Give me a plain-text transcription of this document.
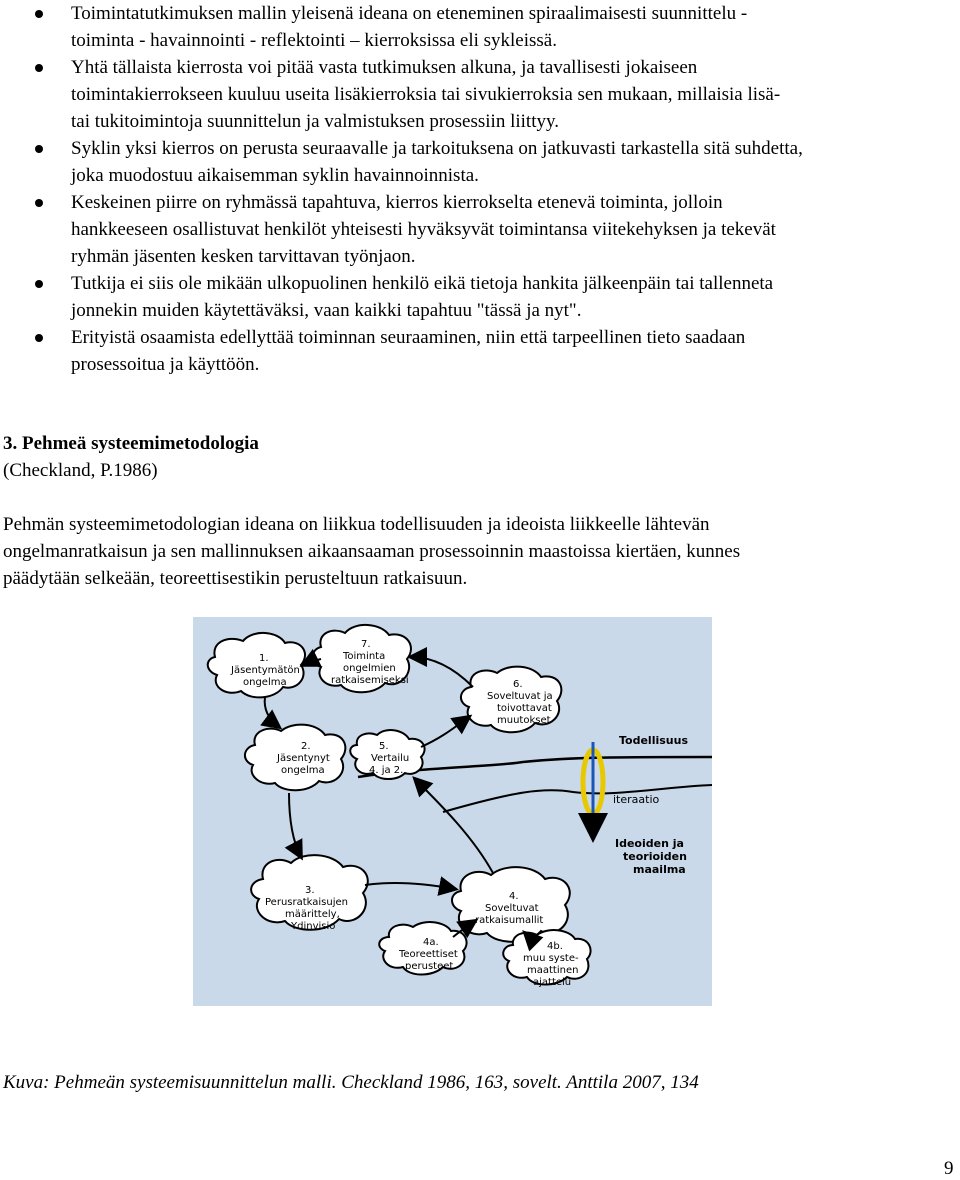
Toimintatutkimuksen mallin yleisenä ideana on eteneminen spiraalimaisesti suunnittelu -
toiminta - havainnointi - reflektointi – kierroksissa eli sykleissä.
Yhtä tällaista kierrosta voi pitää vasta tutkimuksen alkuna, ja tavallisesti jokaiseen
toimintakierrokseen kuuluu useita lisäkierroksia tai sivukierroksia sen mukaan, millaisia lisä-
tai tukitoimintoja suunnittelun ja valmistuksen prosessiin liittyy.
Syklin yksi kierros on perusta seuraavalle ja tarkoituksena on jatkuvasti tarkastella sitä suhdetta,
joka muodostuu aikaisemman syklin havainnoinnista.
Keskeinen piirre on ryhmässä tapahtuva, kierros kierrokselta etenevä toiminta, jolloin
hankkeeseen osallistuvat henkilöt yhteisesti hyväksyvät toimintansa viitekehyksen ja tekevät
ryhmän jäsenten kesken tarvittavan työnjaon.
Tutkija ei siis ole mikään ulkopuolinen henkilö eikä tietoja hankita jälkeenpäin tai tallenneta
jonnekin muiden käytettäväksi, vaan kaikki tapahtuu "tässä ja nyt".
Erityistä osaamista edellyttää toiminnan seuraaminen, niin että tarpeellinen tieto saadaan
prosessoitua ja käyttöön.
3. Pehmeä systeemimetodologia
(Checkland, P.1986)
Pehmän systeemimetodologian ideana on liikkua todellisuuden ja ideoista liikkeelle lähtevän
ongelmanratkaisun ja sen mallinnuksen aikaansaaman prosessoinnin maastoissa kiertäen, kunnes
päädytään selkeään, teoreettisestikin perusteltuun ratkaisuun.
1. Jäsentymätön ongelma
7. Toiminta ongelmien ratkaisemiseksi	6. Soveltuvat ja toivottavat muutokset
2. Jäsentynyt ongelma
5. Vertailu 4. ja 2.
3. Perusratkaisujen määrittely, Ydinvisio
4. Soveltuvat ratkaisumallit
4a. Teoreettiset perusteet
4b. muu syste- maattinen ajattelu
Todellisuus
iteraatio
Ideoiden ja teorioiden maailma
Kuva: Pehmeän systeemisuunnittelun malli. Checkland 1986, 163, sovelt. Anttila 2007, 134
9
